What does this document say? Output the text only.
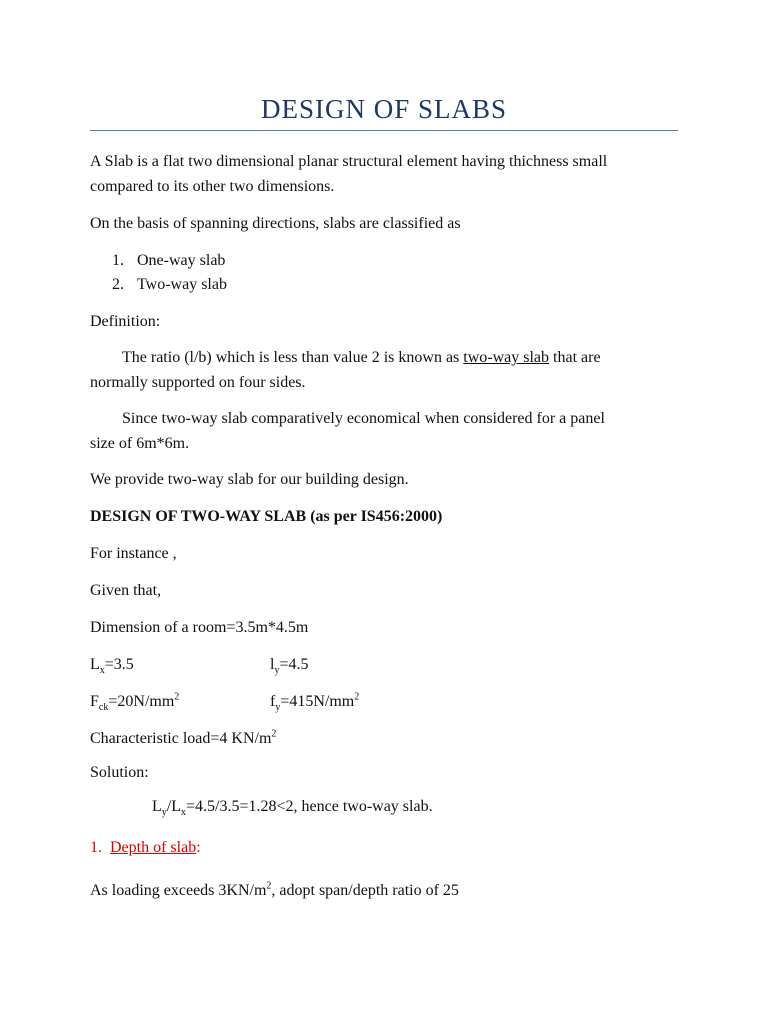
DESIGN OF SLABS
A Slab is a flat two dimensional planar structural element having thichness small
compared to its other two dimensions.
On the basis of spanning directions, slabs are classified as
1. One-way slab
2. Two-way slab
Definition:
The ratio (l/b) which is less than value 2 is known as two-way slab that are
normally supported on four sides.
Since two-way slab comparatively economical when considered for a panel
size of 6m*6m.
We provide two-way slab for our building design.
DESIGN OF TWO-WAY SLAB (as per IS456:2000)
For instance ,
Given that,
Dimension of a room=3.5m*4.5m
$L_x=3.5$	$l_y=4.5$
$F_{ck}=20N/mm^2$	$f_y=415N/mm^2$
Characteristic load=4 $KN/m^2$
Solution:
$L_y/L_x=4.5/3.5=1.28<2$, hence two-way slab.
1. Depth of slab:
As loading exceeds $3KN/m^2$, adopt span/depth ratio of 25
